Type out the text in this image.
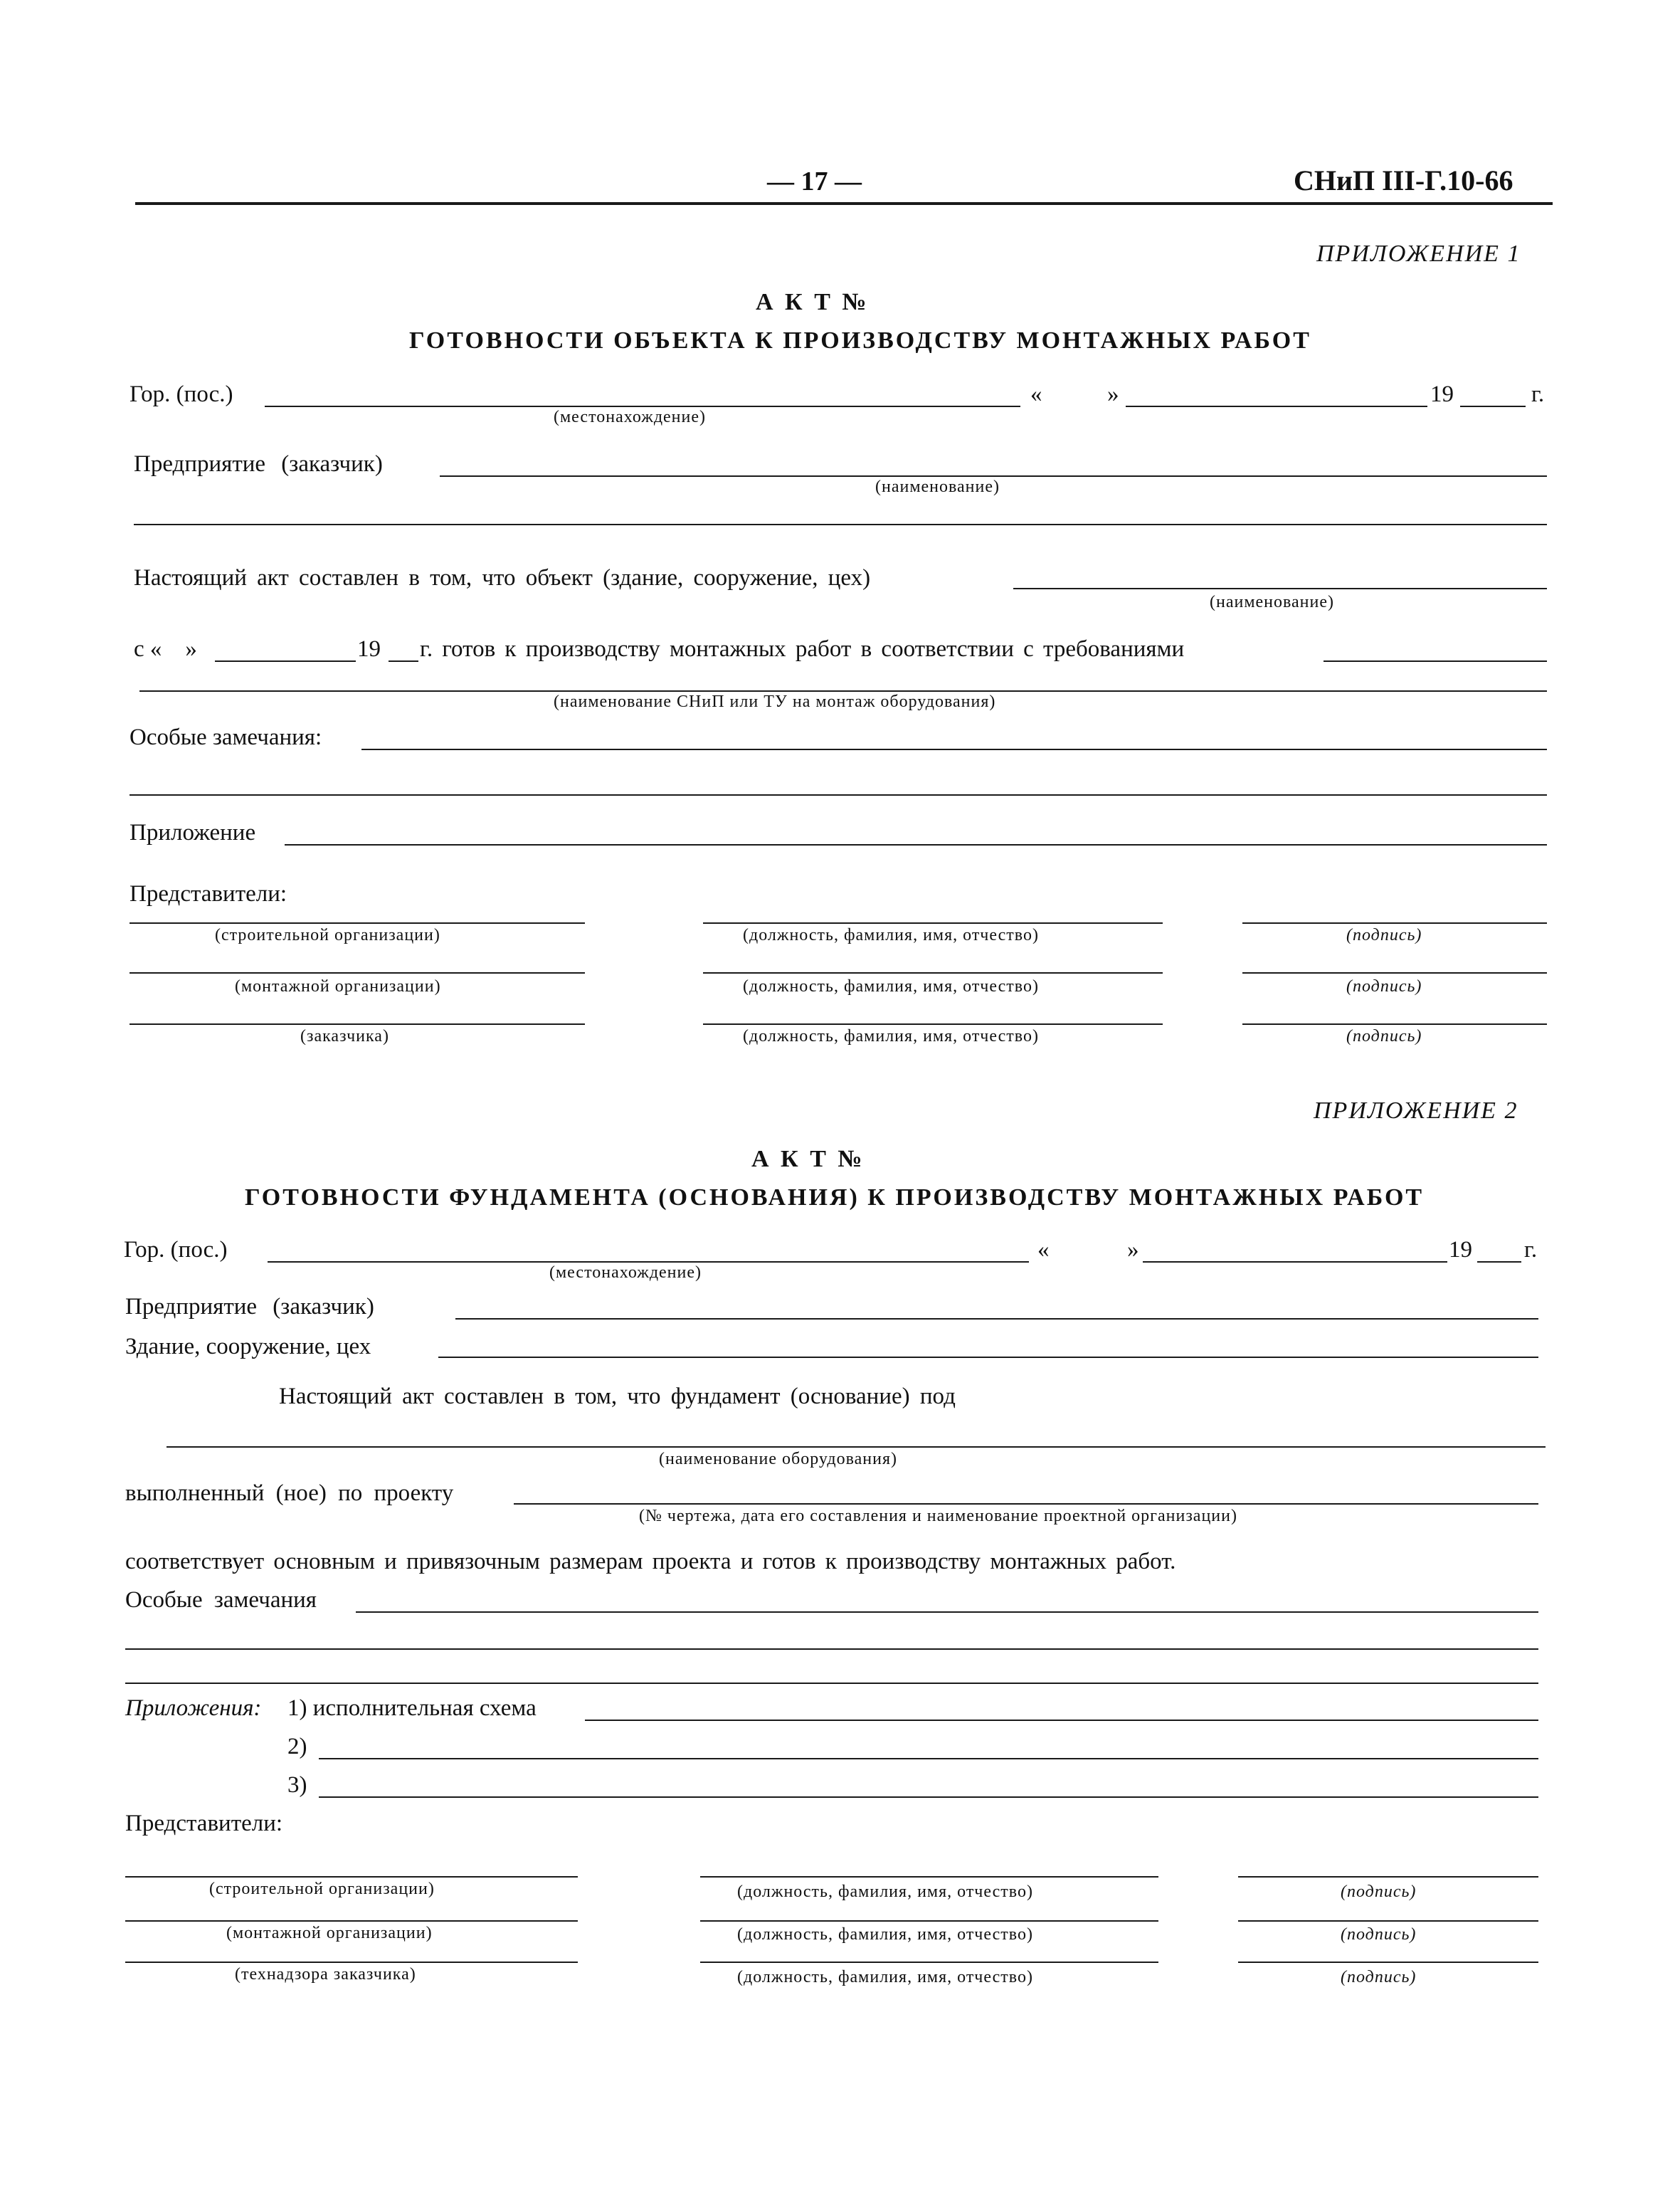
— 17 —	СНиП III-Г.10-66
ПРИЛОЖЕНИЕ 1
А К Т №
ГОТОВНОСТИ ОБЪЕКТА К ПРОИЗВОДСТВУ МОНТАЖНЫХ РАБОТ
Гор. (пос.)	«	»	19	г.
(местонахождение)
Предприятие (заказчик)
(наименование)
Настоящий акт составлен в том, что объект (здание, сооружение, цех)
(наименование)
с «    »	19 г. готов к производству монтажных работ в соответствии с требованиями
(наименование СНиП или ТУ на монтаж оборудования)
Особые замечания:
Приложение
Представители:
(строительной организации)	(должность, фамилия, имя, отчество)	(подпись)
(монтажной организации)	(должность, фамилия, имя, отчество)	(подпись)
(заказчика)	(должность, фамилия, имя, отчество)	(подпись)
ПРИЛОЖЕНИЕ 2
А К Т №
ГОТОВНОСТИ ФУНДАМЕНТА (ОСНОВАНИЯ) К ПРОИЗВОДСТВУ МОНТАЖНЫХ РАБОТ
Гор. (пос.)	«	»	19 г.
(местонахождение)
Предприятие (заказчик)
Здание, сооружение, цех
Настоящий акт составлен в том, что фундамент (основание) под
(наименование оборудования)
выполненный (ное) по проекту
(№ чертежа, дата его составления и наименование проектной организации)
соответствует основным и привязочным размерам проекта и готов к производству монтажных работ.
Особые замечания
Приложения: 1) исполнительная схема
2)
3)
Представители:
(строительной организации)	(должность, фамилия, имя, отчество)	(подпись)
(монтажной организации)	(должность, фамилия, имя, отчество)	(подпись)
(технадзора заказчика)	(должность, фамилия, имя, отчество)	(подпись)
